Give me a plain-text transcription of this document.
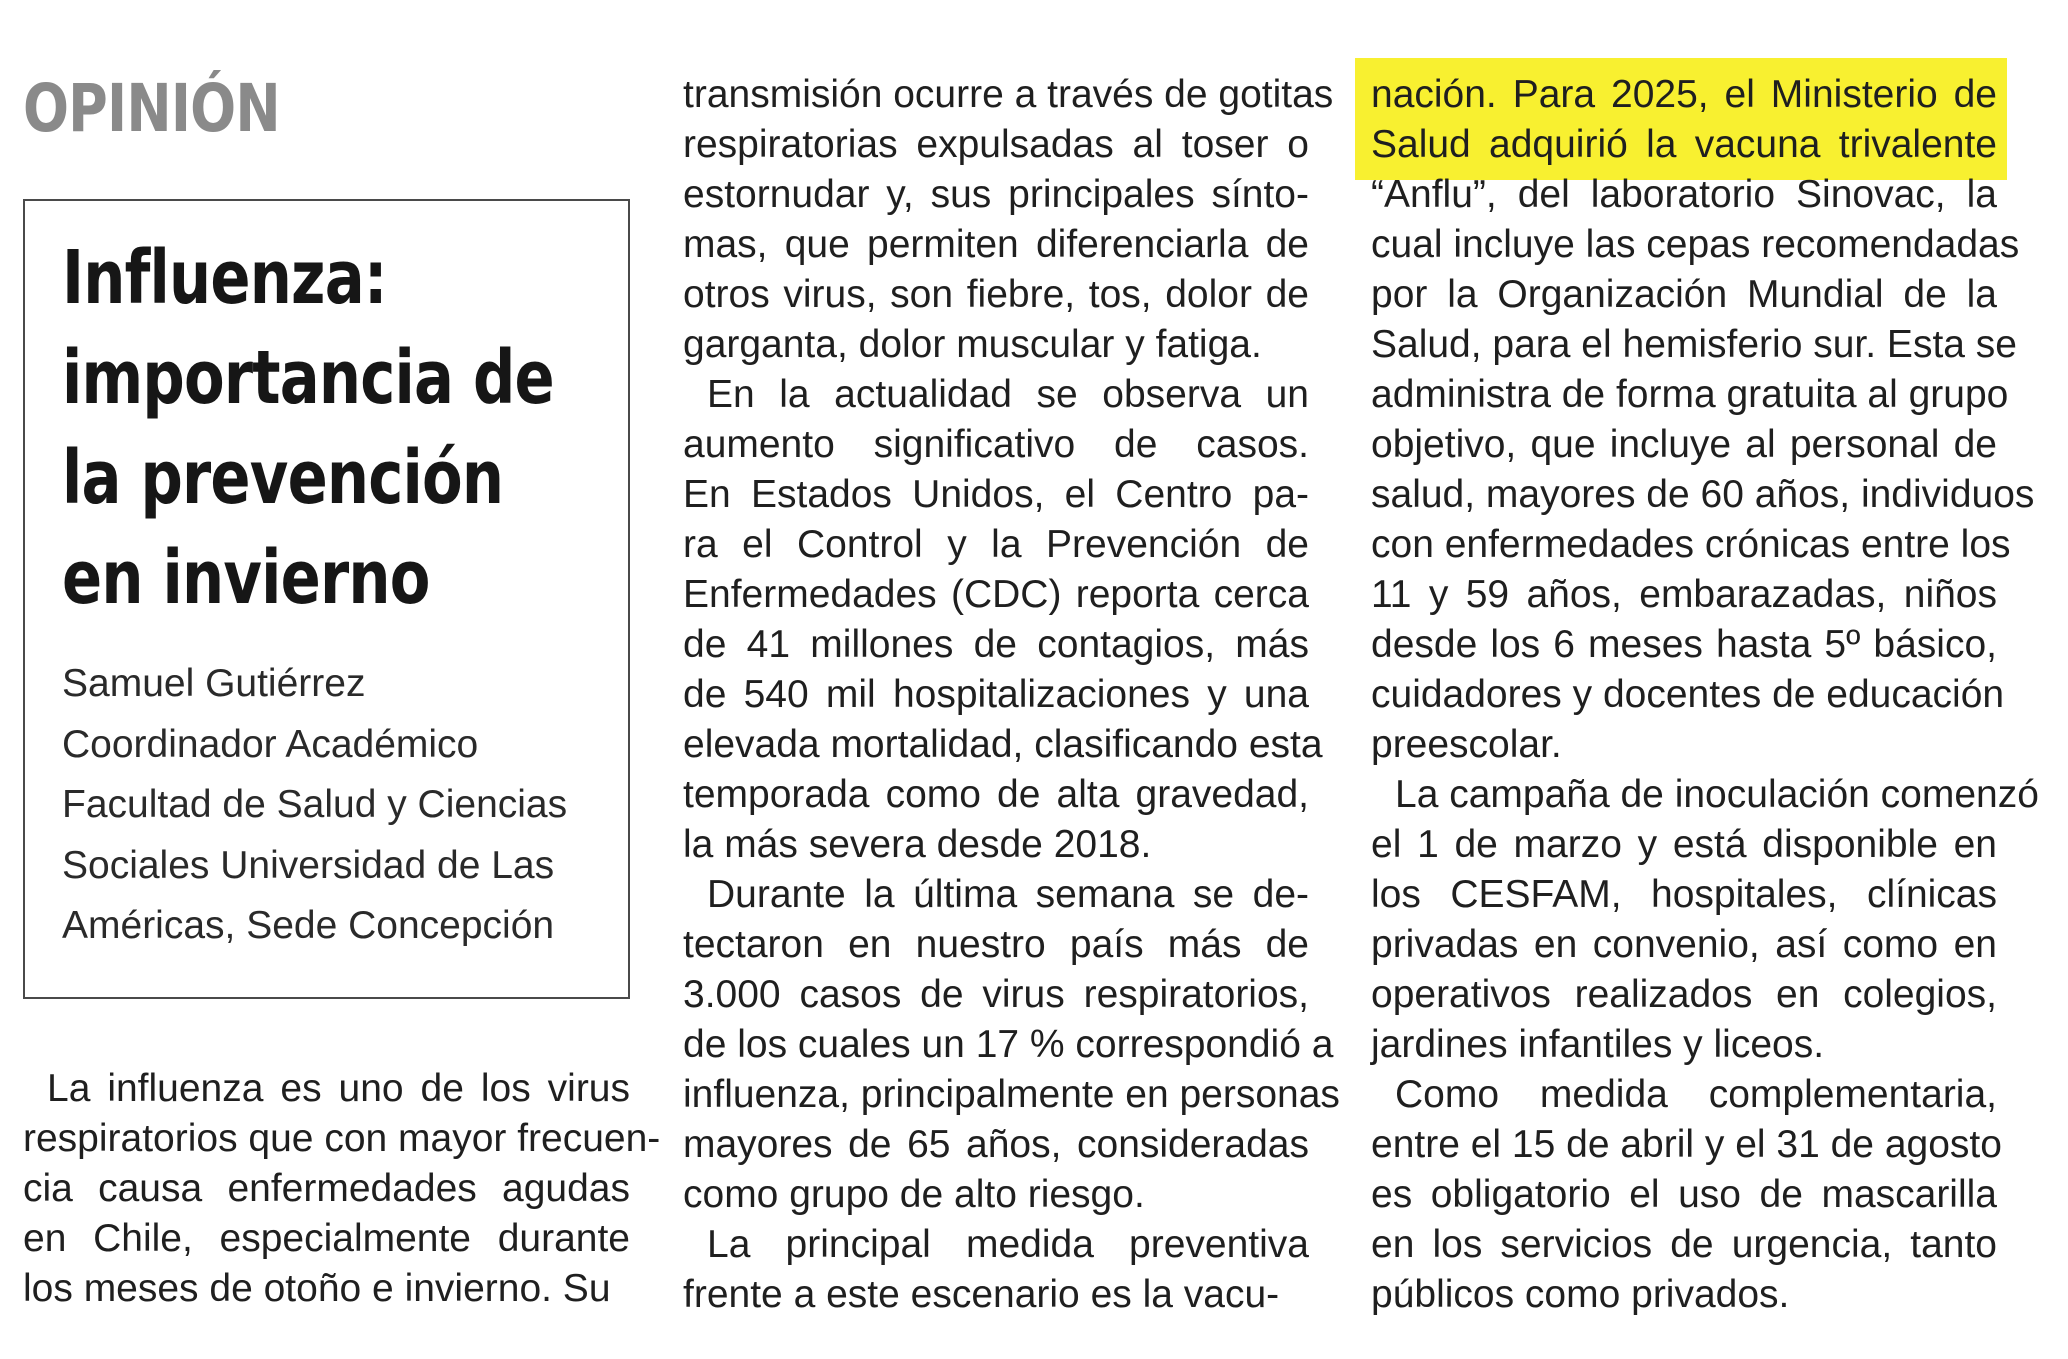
OPINIÓN
Influenza:
importancia de
la prevención
en invierno
Samuel Gutiérrez
Coordinador Académico
Facultad de Salud y Ciencias
Sociales Universidad de Las
Américas, Sede Concepción
La influenza es uno de los virus
respiratorios que con mayor frecuen-
cia causa enfermedades agudas
en Chile, especialmente durante
los meses de otoño e invierno. Su
transmisión ocurre a través de gotitas
respiratorias expulsadas al toser o
estornudar y, sus principales sínto-
mas, que permiten diferenciarla de
otros virus, son fiebre, tos, dolor de
garganta, dolor muscular y fatiga.
En la actualidad se observa un
aumento significativo de casos.
En Estados Unidos, el Centro pa-
ra el Control y la Prevención de
Enfermedades (CDC) reporta cerca
de 41 millones de contagios, más
de 540 mil hospitalizaciones y una
elevada mortalidad, clasificando esta
temporada como de alta gravedad,
la más severa desde 2018.
Durante la última semana se de-
tectaron en nuestro país más de
3.000 casos de virus respiratorios,
de los cuales un 17 % correspondió a
influenza, principalmente en personas
mayores de 65 años, consideradas
como grupo de alto riesgo.
La principal medida preventiva
frente a este escenario es la vacu-
nación. Para 2025, el Ministerio de
Salud adquirió la vacuna trivalente
“Anflu”, del laboratorio Sinovac, la
cual incluye las cepas recomendadas
por la Organización Mundial de la
Salud, para el hemisferio sur. Esta se
administra de forma gratuita al grupo
objetivo, que incluye al personal de
salud, mayores de 60 años, individuos
con enfermedades crónicas entre los
11 y 59 años, embarazadas, niños
desde los 6 meses hasta 5º básico,
cuidadores y docentes de educación
preescolar.
La campaña de inoculación comenzó
el 1 de marzo y está disponible en
los CESFAM, hospitales, clínicas
privadas en convenio, así como en
operativos realizados en colegios,
jardines infantiles y liceos.
Como medida complementaria,
entre el 15 de abril y el 31 de agosto
es obligatorio el uso de mascarilla
en los servicios de urgencia, tanto
públicos como privados.
